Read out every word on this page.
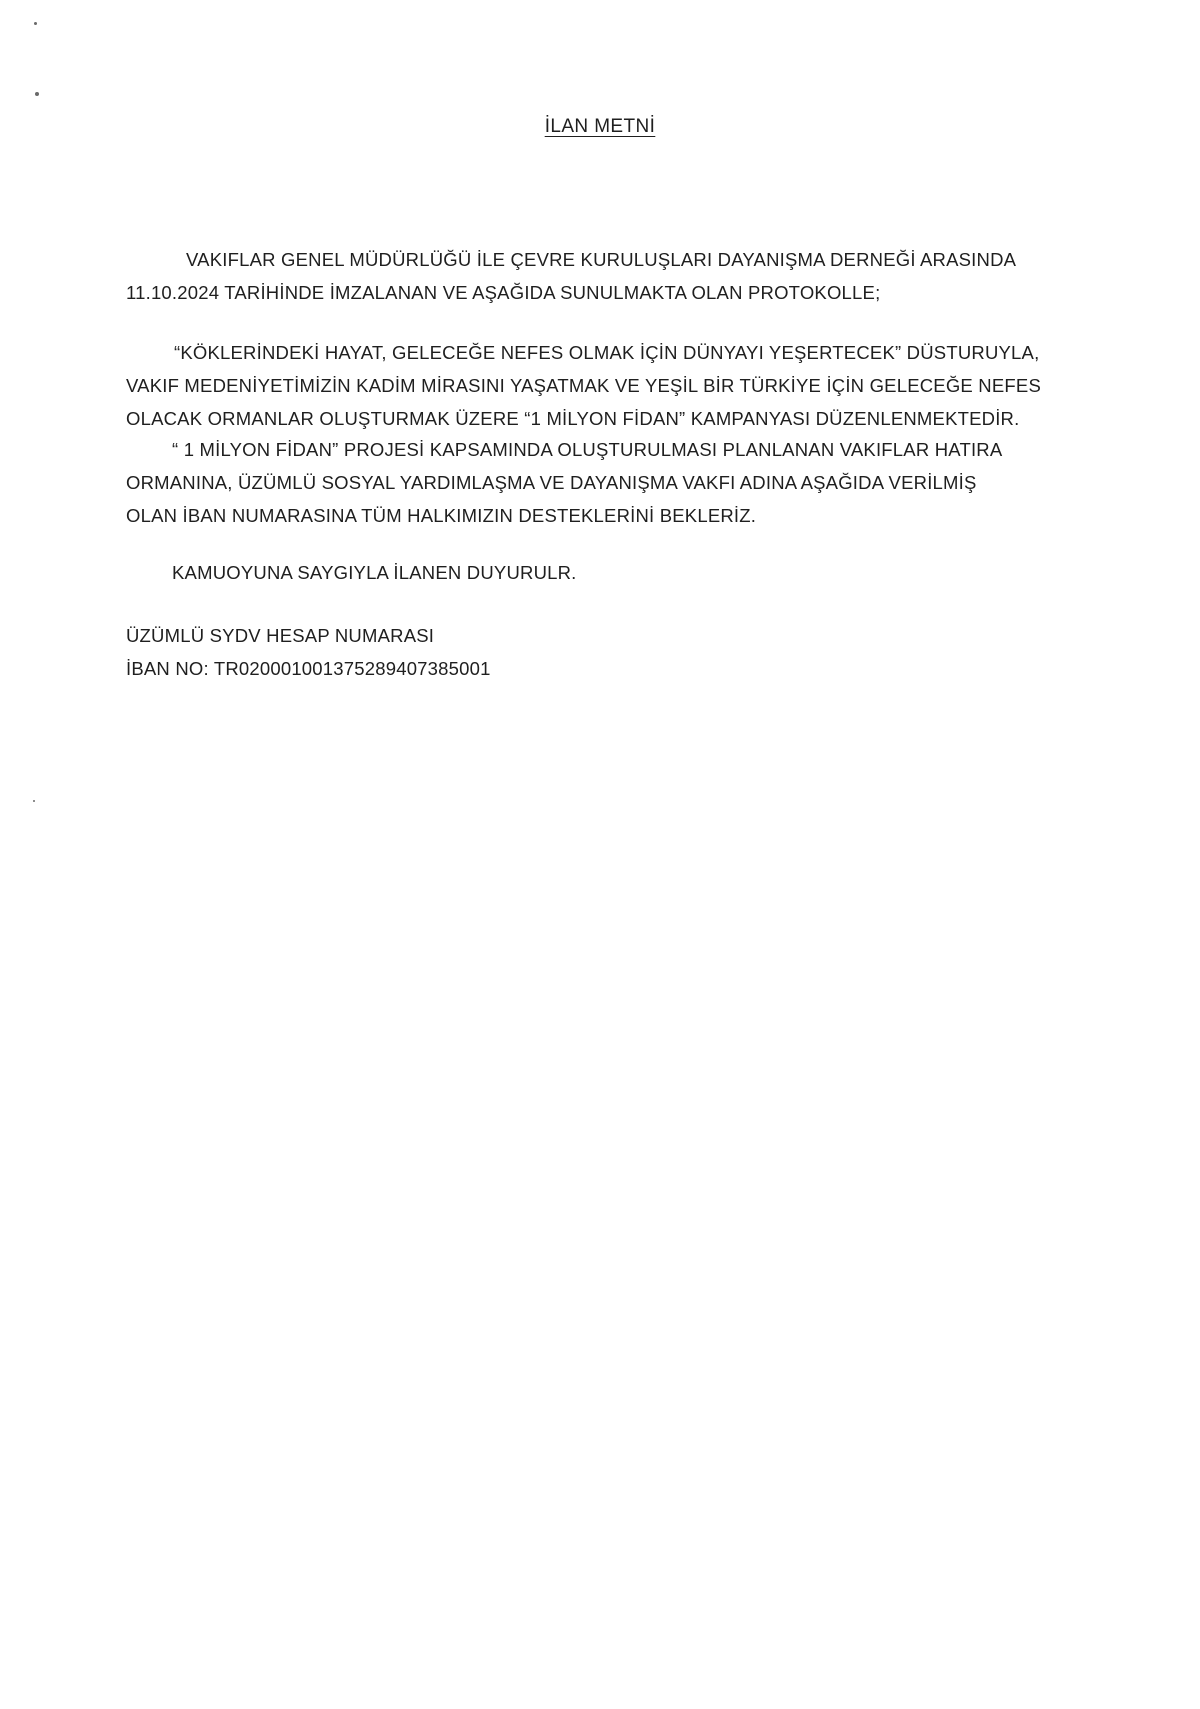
İLAN METNİ
VAKIFLAR GENEL MÜDÜRLÜĞÜ İLE ÇEVRE KURULUŞLARI DAYANIŞMA DERNEĞİ ARASINDA
11.10.2024 TARİHİNDE İMZALANAN VE AŞAĞIDA SUNULMAKTA OLAN PROTOKOLLE;
“KÖKLERİNDEKİ HAYAT, GELECEĞE NEFES OLMAK İÇİN DÜNYAYI YEŞERTECEK” DÜSTURUYLA,
VAKIF MEDENİYETİMİZİN KADİM MİRASINI YAŞATMAK VE YEŞİL BİR TÜRKİYE İÇİN GELECEĞE NEFES
OLACAK ORMANLAR OLUŞTURMAK ÜZERE “1 MİLYON FİDAN” KAMPANYASI DÜZENLENMEKTEDİR.
“ 1 MİLYON FİDAN” PROJESİ KAPSAMINDA OLUŞTURULMASI PLANLANAN VAKIFLAR HATIRA
ORMANINA, ÜZÜMLÜ SOSYAL YARDIMLAŞMA VE DAYANIŞMA VAKFI ADINA AŞAĞIDA VERİLMİŞ
OLAN İBAN NUMARASINA TÜM HALKIMIZIN DESTEKLERİNİ BEKLERİZ.
KAMUOYUNA SAYGIYLA İLANEN DUYURULR.
ÜZÜMLÜ SYDV HESAP NUMARASI
İBAN NO: TR020001001375289407385001
